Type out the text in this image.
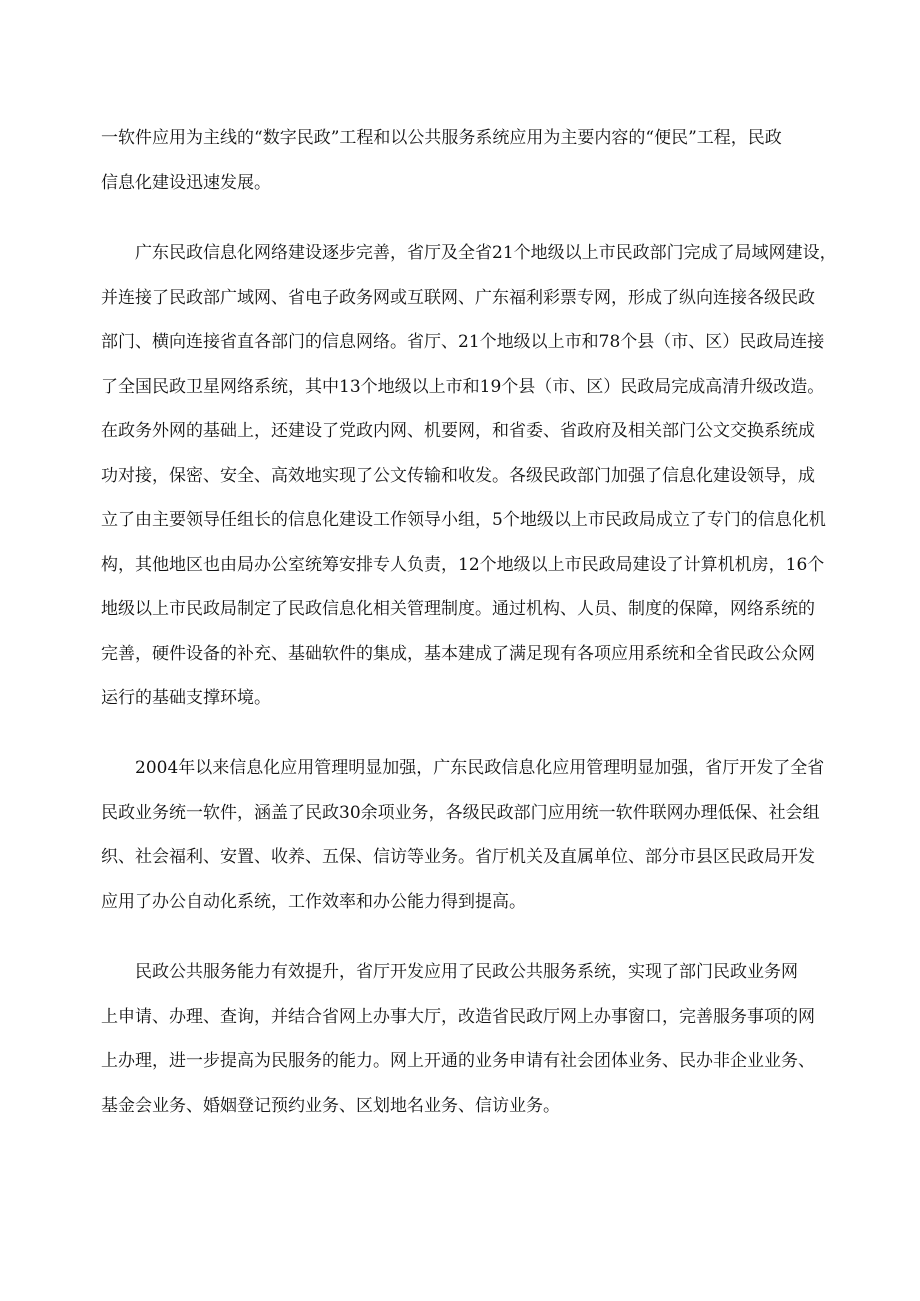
一软件应用为主线的“数字民政”工程和以公共服务系统应用为主要内容的“便民”工程，民政
信息化建设迅速发展。
　　广东民政信息化网络建设逐步完善，省厅及全省21个地级以上市民政部门完成了局域网建设，
并连接了民政部广域网、省电子政务网或互联网、广东福利彩票专网，形成了纵向连接各级民政
部门、横向连接省直各部门的信息网络。省厅、21个地级以上市和78个县（市、区）民政局连接
了全国民政卫星网络系统，其中13个地级以上市和19个县（市、区）民政局完成高清升级改造。
在政务外网的基础上，还建设了党政内网、机要网，和省委、省政府及相关部门公文交换系统成
功对接，保密、安全、高效地实现了公文传输和收发。各级民政部门加强了信息化建设领导，成
立了由主要领导任组长的信息化建设工作领导小组，5个地级以上市民政局成立了专门的信息化机
构，其他地区也由局办公室统筹安排专人负责，12个地级以上市民政局建设了计算机机房，16个
地级以上市民政局制定了民政信息化相关管理制度。通过机构、人员、制度的保障，网络系统的
完善，硬件设备的补充、基础软件的集成，基本建成了满足现有各项应用系统和全省民政公众网
运行的基础支撑环境。
　　2004年以来信息化应用管理明显加强，广东民政信息化应用管理明显加强，省厅开发了全省
民政业务统一软件，涵盖了民政30余项业务，各级民政部门应用统一软件联网办理低保、社会组
织、社会福利、安置、收养、五保、信访等业务。省厅机关及直属单位、部分市县区民政局开发
应用了办公自动化系统，工作效率和办公能力得到提高。
　　民政公共服务能力有效提升，省厅开发应用了民政公共服务系统，实现了部门民政业务网
上申请、办理、查询，并结合省网上办事大厅，改造省民政厅网上办事窗口，完善服务事项的网
上办理，进一步提高为民服务的能力。网上开通的业务申请有社会团体业务、民办非企业业务、
基金会业务、婚姻登记预约业务、区划地名业务、信访业务。
